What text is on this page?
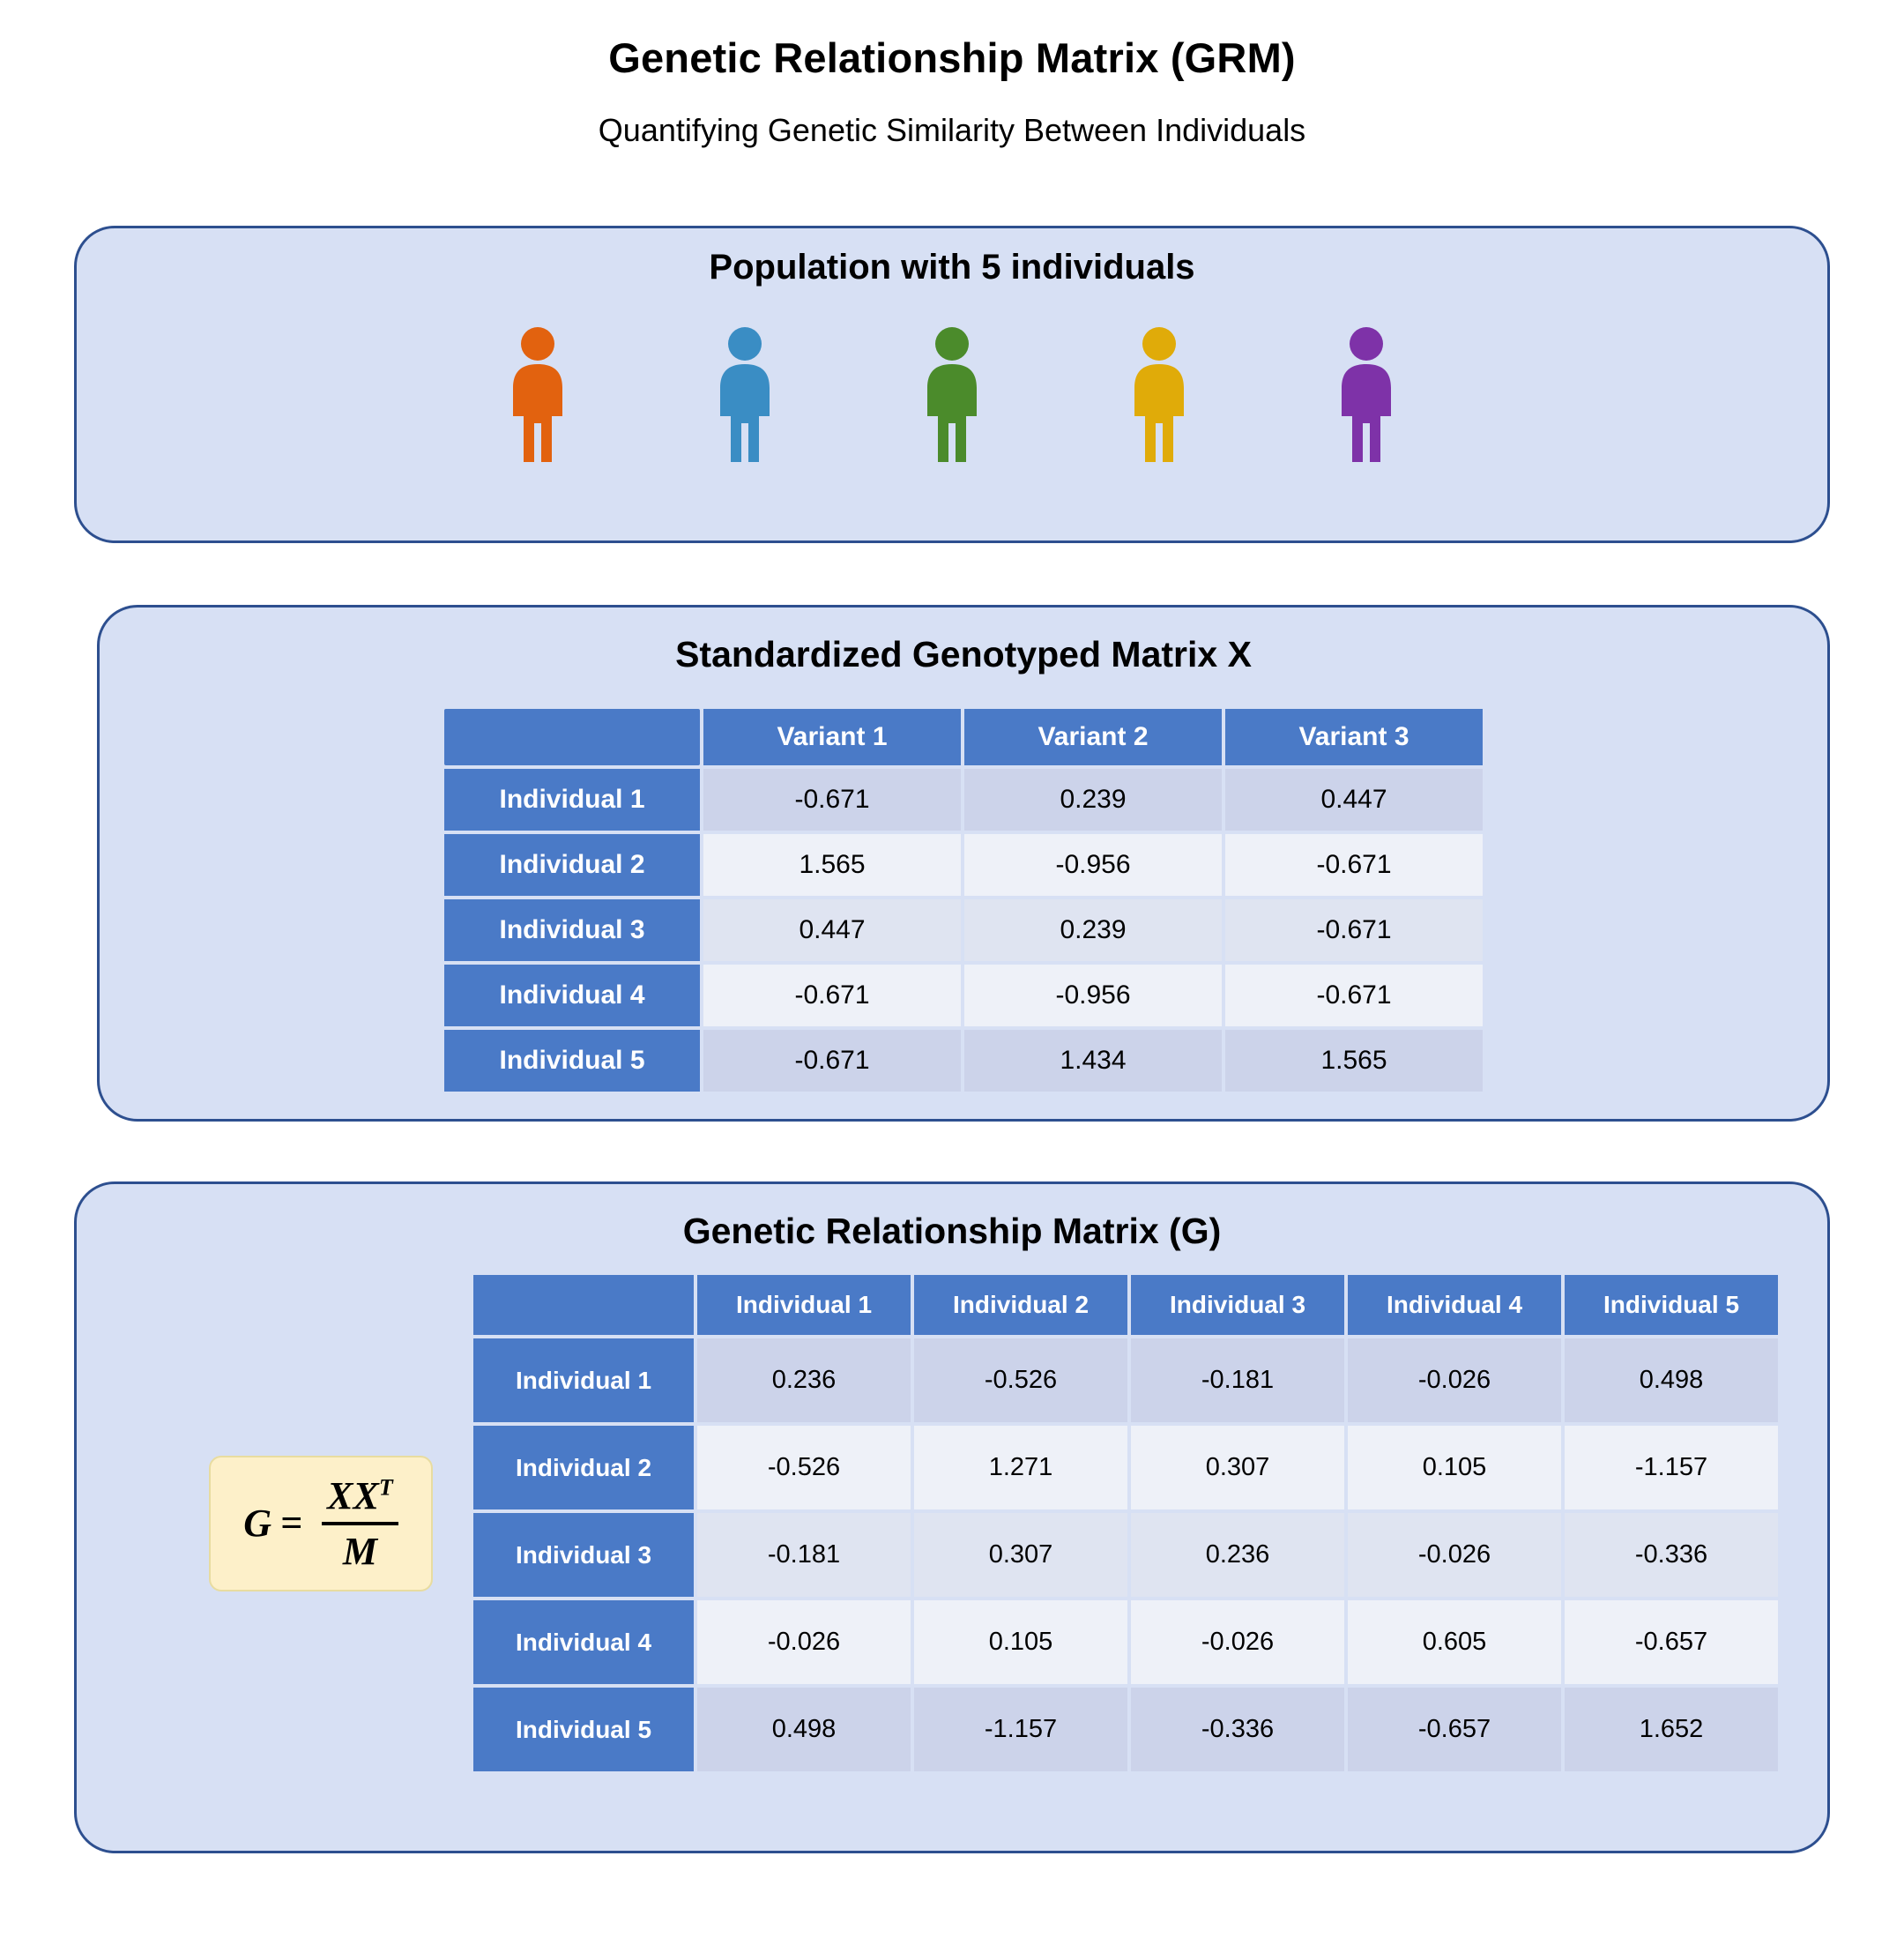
Genetic Relationship Matrix (GRM)
Quantifying Genetic Similarity Between Individuals
Population with 5 individuals
Standardized Genotyped Matrix X
	Variant 1	Variant 2	Variant 3
Individual 1	-0.671	0.239	0.447
Individual 2	1.565	-0.956	-0.671
Individual 3	0.447	0.239	-0.671
Individual 4	-0.671	-0.956	-0.671
Individual 5	-0.671	1.434	1.565
Genetic Relationship Matrix (G)
$G = \frac{XX^T}{M}$
	Individual 1	Individual 2	Individual 3	Individual 4	Individual 5
Individual 1	0.236	-0.526	-0.181	-0.026	0.498
Individual 2	-0.526	1.271	0.307	0.105	-1.157
Individual 3	-0.181	0.307	0.236	-0.026	-0.336
Individual 4	-0.026	0.105	-0.026	0.605	-0.657
Individual 5	0.498	-1.157	-0.336	-0.657	1.652
